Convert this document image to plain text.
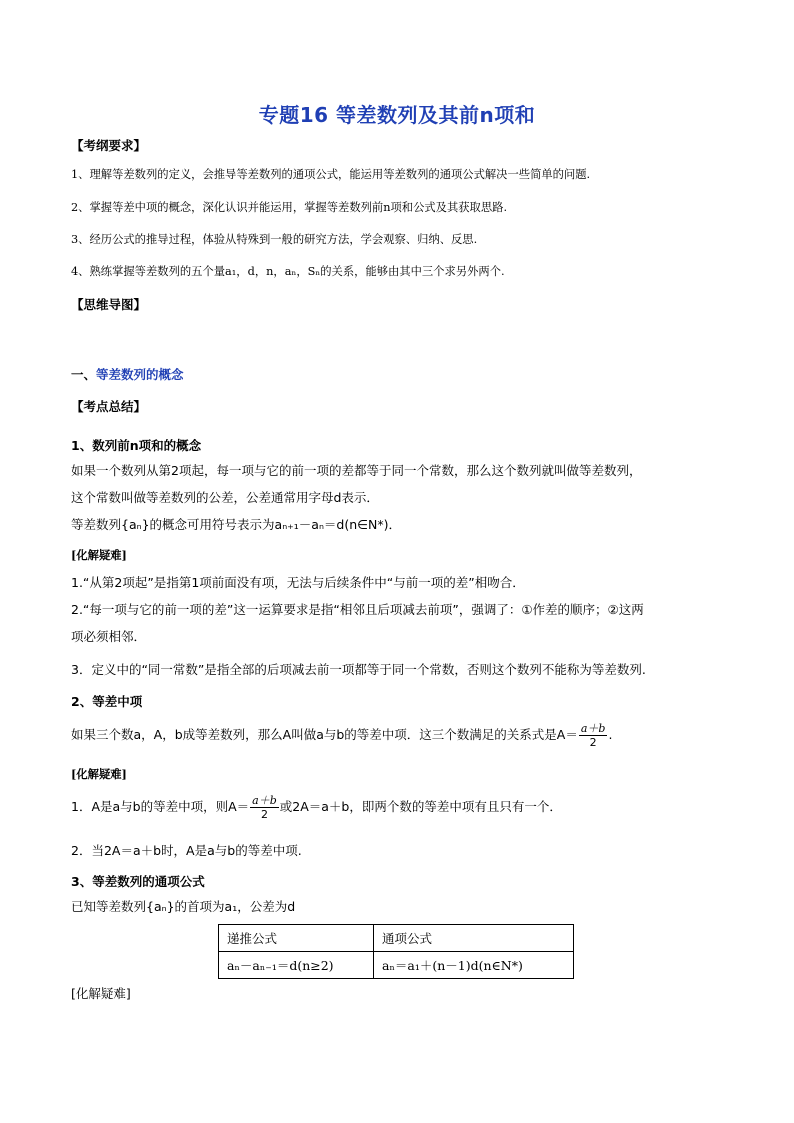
专题16 等差数列及其前n项和
【考纲要求】
1、理解等差数列的定义，会推导等差数列的通项公式，能运用等差数列的通项公式解决一些简单的问题.
2、掌握等差中项的概念，深化认识并能运用，掌握等差数列前n项和公式及其获取思路.
3、经历公式的推导过程，体验从特殊到一般的研究方法，学会观察、归纳、反思.
4、熟练掌握等差数列的五个量a₁，d，n，aₙ，Sₙ的关系，能够由其中三个求另外两个.
【思维导图】
一、等差数列的概念
【考点总结】
1、数列前n项和的概念
如果一个数列从第2项起，每一项与它的前一项的差都等于同一个常数，那么这个数列就叫做等差数列，
这个常数叫做等差数列的公差，公差通常用字母d表示．
等差数列{aₙ}的概念可用符号表示为aₙ₊₁－aₙ＝d(n∈N*)．
[化解疑难]
1.“从第2项起”是指第1项前面没有项，无法与后续条件中“与前一项的差”相吻合．
2.“每一项与它的前一项的差”这一运算要求是指“相邻且后项减去前项”，强调了：①作差的顺序；②这两
项必须相邻．
3．定义中的“同一常数”是指全部的后项减去前一项都等于同一个常数，否则这个数列不能称为等差数列.
2、等差中项
如果三个数a，A，b成等差数列，那么A叫做a与b的等差中项．这三个数满足的关系式是$A= \frac{a+b}{2}$ .
[化解疑难]
1．A是a与b的等差中项，则$A= \frac{a+b}{2}$ 或2A＝a＋b，即两个数的等差中项有且只有一个．
2．当2A＝a＋b时，A是a与b的等差中项.
3、等差数列的通项公式
已知等差数列{aₙ}的首项为a₁，公差为d
递推公式	通项公式
aₙ－aₙ₋₁＝d(n≥2)	aₙ＝a₁＋(n－1)d(n∈N*)
[化解疑难]
